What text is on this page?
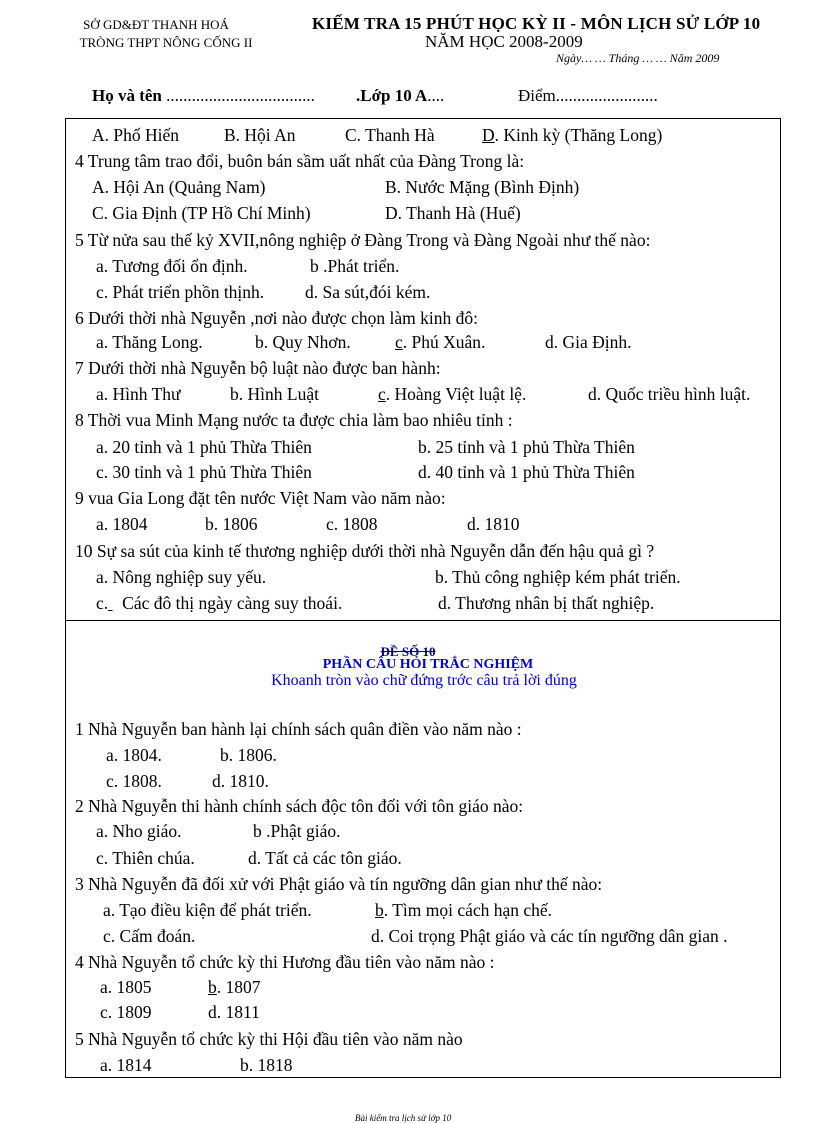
SỞ GD&ĐT THANH HOÁ
TRÒNG THPT NÔNG CỐNG II
KIỂM TRA 15 PHÚT HỌC KỲ II - MÔN LỊCH SỬ LỚP 10
NĂM HỌC 2008-2009
Ngày… … Tháng … … Năm 2009
Họ và tên ................................... .Lớp 10 A....	Điểm........................
A. Phố Hiến	B. Hội An	C. Thanh Hà	D. Kinh kỳ (Thăng Long)
4 Trung tâm trao đổi, buôn bán sầm uất nhất của Đàng Trong là:
A. Hội An (Quảng Nam)	B. Nước Mặng (Bình Định)
C. Gia Định (TP Hồ Chí Minh)	D. Thanh Hà (Huế)
5 Từ nửa sau thế kỷ XVII,nông nghiệp ở Đàng Trong và Đàng Ngoài như thế nào:
a. Tương đối ổn định.	b .Phát triển.
c. Phát triển phồn thịnh. d. Sa sút,đói kém.
6 Dưới thời nhà Nguyễn ,nơi nào được chọn làm kinh đô:
a. Thăng Long.	b. Quy Nhơn.	c. Phú Xuân.	d. Gia Định.
7 Dưới thời nhà Nguyễn bộ luật nào được ban hành:
a. Hình Thư	b. Hình Luật	c. Hoàng Việt luật lệ.	d. Quốc triều hình luật.
8 Thời vua Minh Mạng nước ta được chia làm bao nhiêu tỉnh :
a. 20 tỉnh và 1 phủ Thừa Thiên	b. 25 tỉnh và 1 phủ Thừa Thiên
c. 30 tỉnh và 1 phủ Thừa Thiên	d. 40 tỉnh và 1 phủ Thừa Thiên
9 vua Gia Long đặt tên nước Việt Nam vào năm nào:
a. 1804	b. 1806	c. 1808	d. 1810
10 Sự sa sút của kinh tế thương nghiệp dưới thời nhà Nguyễn dẫn đến hậu quả gì ?
a. Nông nghiệp suy yếu.	b. Thủ công nghiệp kém phát triển.
c. Các đô thị ngày càng suy thoái.	d. Thương nhân bị thất nghiệp.
ĐỀ SỐ 10
PHẦN CÂU HỎI TRẮC NGHIỆM
Khoanh tròn vào chữ đứng trớc câu trả lời đúng
1 Nhà Nguyễn ban hành lại chính sách quân điền vào năm nào :
a. 1804.	b. 1806.
c. 1808.	d. 1810.
2 Nhà Nguyễn thi hành chính sách độc tôn đối với tôn giáo nào:
a. Nho giáo.	b .Phật giáo.
c. Thiên chúa.	d. Tất cả các tôn giáo.
3 Nhà Nguyễn đã đối xử với Phật giáo và tín ngưỡng dân gian như thế nào:
a. Tạo điều kiện để phát triển.	b. Tìm mọi cách hạn chế.
c. Cấm đoán.	d. Coi trọng Phật giáo và các tín ngưỡng dân gian .
4 Nhà Nguyễn tổ chức kỳ thi Hương đầu tiên vào năm nào :
a. 1805	b. 1807
c. 1809	d. 1811
5 Nhà Nguyễn tổ chức kỳ thi Hội đầu tiên vào năm nào
a. 1814	b. 1818
Bài kiểm tra lịch sử lớp 10
